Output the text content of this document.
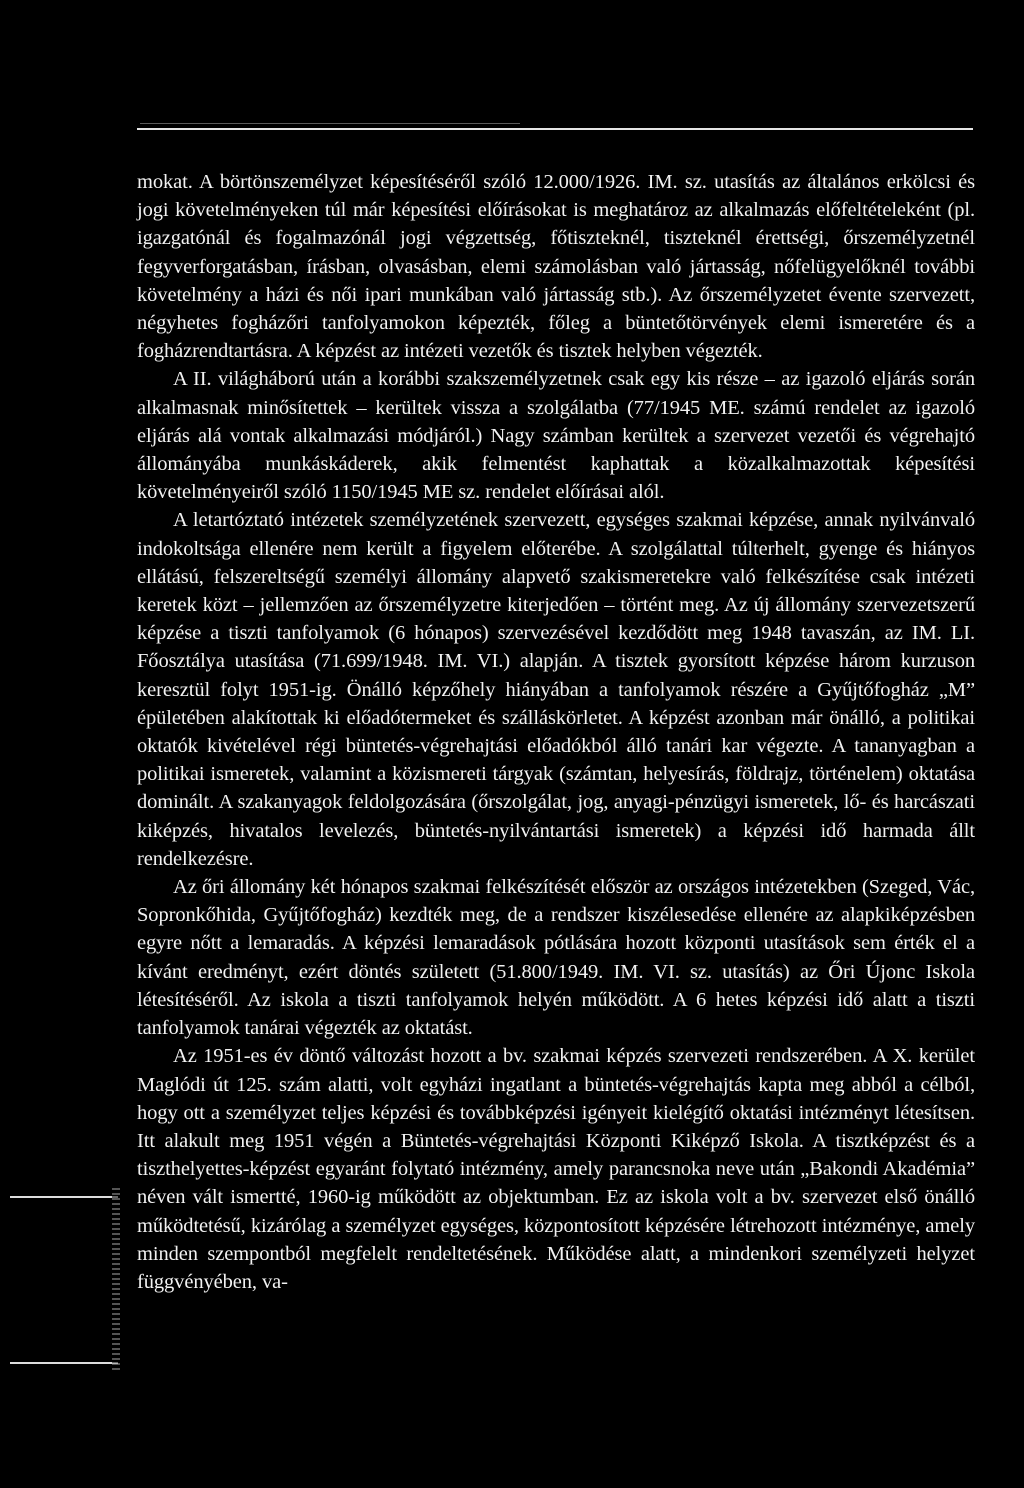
mokat. A börtönszemélyzet képesítéséről szóló 12.000/1926. IM. sz. utasítás az általános erkölcsi és jogi követelményeken túl már képesítési előírásokat is meghatároz az alkalmazás előfeltételeként (pl. igazgatónál és fogalmazónál jogi végzettség, főtiszteknél, tiszteknél érettségi, őrszemélyzetnél fegyverforgatásban, írásban, olvasásban, elemi számolásban való jártasság, nőfelügyelőknél további követelmény a házi és női ipari munkában való jártasság stb.). Az őrszemélyzetet évente szervezett, négyhetes fogházőri tanfolyamokon képezték, főleg a büntetőtörvények elemi ismeretére és a fogházrendtartásra. A képzést az intézeti vezetők és tisztek helyben végezték.

A II. világháború után a korábbi szakszemélyzetnek csak egy kis része – az igazoló eljárás során alkalmasnak minősítettek – kerültek vissza a szolgálatba (77/1945 ME. számú rendelet az igazoló eljárás alá vontak alkalmazási módjáról.) Nagy számban kerültek a szervezet vezetői és végrehajtó állományába munkáskáderek, akik felmentést kaphattak a közalkalmazottak képesítési követelményeiről szóló 1150/1945 ME sz. rendelet előírásai alól.

A letartóztató intézetek személyzetének szervezett, egységes szakmai képzése, annak nyilvánvaló indokoltsága ellenére nem került a figyelem előterébe. A szolgálattal túlterhelt, gyenge és hiányos ellátású, felszereltségű személyi állomány alapvető szakismeretekre való felkészítése csak intézeti keretek közt – jellemzően az őrszemélyzetre kiterjedően – történt meg. Az új állomány szervezetszerű képzése a tiszti tanfolyamok (6 hónapos) szervezésével kezdődött meg 1948 tavaszán, az IM. LI. Főosztálya utasítása (71.699/1948. IM. VI.) alapján. A tisztek gyorsított képzése három kurzuson keresztül folyt 1951-ig. Önálló képzőhely hiányában a tanfolyamok részére a Gyűjtőfogház „M” épületében alakítottak ki előadótermeket és szálláskörletet. A képzést azonban már önálló, a politikai oktatók kivételével régi büntetés-végrehajtási előadókból álló tanári kar végezte. A tananyagban a politikai ismeretek, valamint a közismereti tárgyak (számtan, helyesírás, földrajz, történelem) oktatása dominált. A szakanyagok feldolgozására (őrszolgálat, jog, anyagi-pénzügyi ismeretek, lő- és harcászati kiképzés, hivatalos levelezés, büntetés-nyilvántartási ismeretek) a képzési idő harmada állt rendelkezésre.

Az őri állomány két hónapos szakmai felkészítését először az országos intézetekben (Szeged, Vác, Sopronkőhida, Gyűjtőfogház) kezdték meg, de a rendszer kiszélesedése ellenére az alapkiképzésben egyre nőtt a lemaradás. A képzési lemaradások pótlására hozott központi utasítások sem érték el a kívánt eredményt, ezért döntés született (51.800/1949. IM. VI. sz. utasítás) az Őri Újonc Iskola létesítéséről. Az iskola a tiszti tanfolyamok helyén működött. A 6 hetes képzési idő alatt a tiszti tanfolyamok tanárai végezték az oktatást.

Az 1951-es év döntő változást hozott a bv. szakmai képzés szervezeti rendszerében. A X. kerület Maglódi út 125. szám alatti, volt egyházi ingatlant a büntetés-végrehajtás kapta meg abból a célból, hogy ott a személyzet teljes képzési és továbbképzési igényeit kielégítő oktatási intézményt létesítsen. Itt alakult meg 1951 végén a Büntetés-végrehajtási Központi Kiképző Iskola. A tisztképzést és a tiszthelyettes-képzést egyaránt folytató intézmény, amely parancsnoka neve után „Bakondi Akadémia” néven vált ismertté, 1960-ig működött az objektumban. Ez az iskola volt a bv. szervezet első önálló működtetésű, kizárólag a személyzet egységes, központosított képzésére létrehozott intézménye, amely minden szempontból megfelelt rendeltetésének. Működése alatt, a mindenkori személyzeti helyzet függvényében, va-
